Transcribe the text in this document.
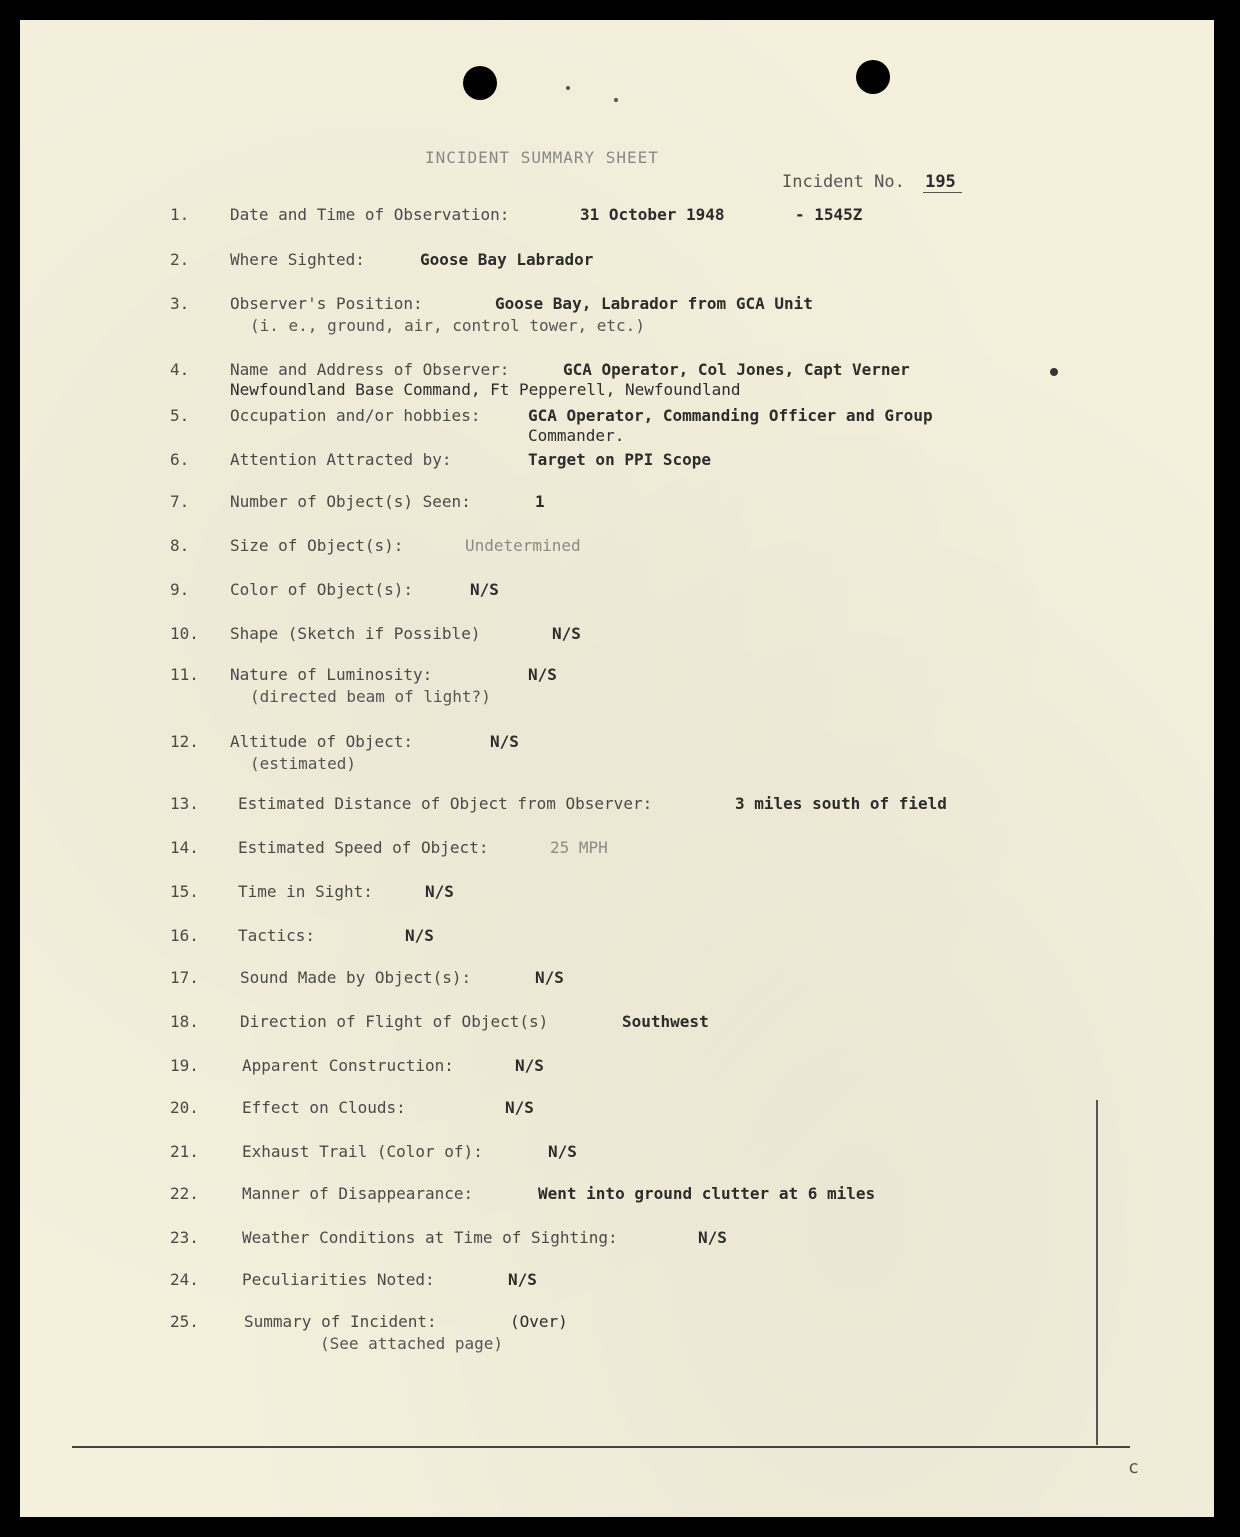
INCIDENT SUMMARY SHEET
Incident No. 195
1.	Date and Time of Observation:	31 October 1948	- 1545Z
2.	Where Sighted:	Goose Bay Labrador
3.	Observer's Position:	Goose Bay, Labrador from GCA Unit
(i. e., ground, air, control tower, etc.)
4.	Name and Address of Observer:	GCA Operator, Col Jones, Capt Verner
Newfoundland Base Command, Ft Pepperell, Newfoundland
5.	Occupation and/or hobbies:	GCA Operator, Commanding Officer and Group
Commander.
6.	Attention Attracted by:	Target on PPI Scope
7.	Number of Object(s) Seen:	1
8.	Size of Object(s):	Undetermined
9.	Color of Object(s):	N/S
10.	Shape (Sketch if Possible)	N/S
11.	Nature of Luminosity:	N/S
(directed beam of light?)
12.	Altitude of Object:	N/S
(estimated)
13.	Estimated Distance of Object from Observer:	3 miles south of field
14.	Estimated Speed of Object:	25 MPH
15.	Time in Sight:	N/S
16.	Tactics:	N/S
17.	Sound Made by Object(s):	N/S
18.	Direction of Flight of Object(s)	Southwest
19.	Apparent Construction:	N/S
20.	Effect on Clouds:	N/S
21.	Exhaust Trail (Color of):	N/S
22.	Manner of Disappearance:	Went into ground clutter at 6 miles
23.	Weather Conditions at Time of Sighting:	N/S
24.	Peculiarities Noted:	N/S
25.	Summary of Incident:	(Over)
(See attached page)
c
